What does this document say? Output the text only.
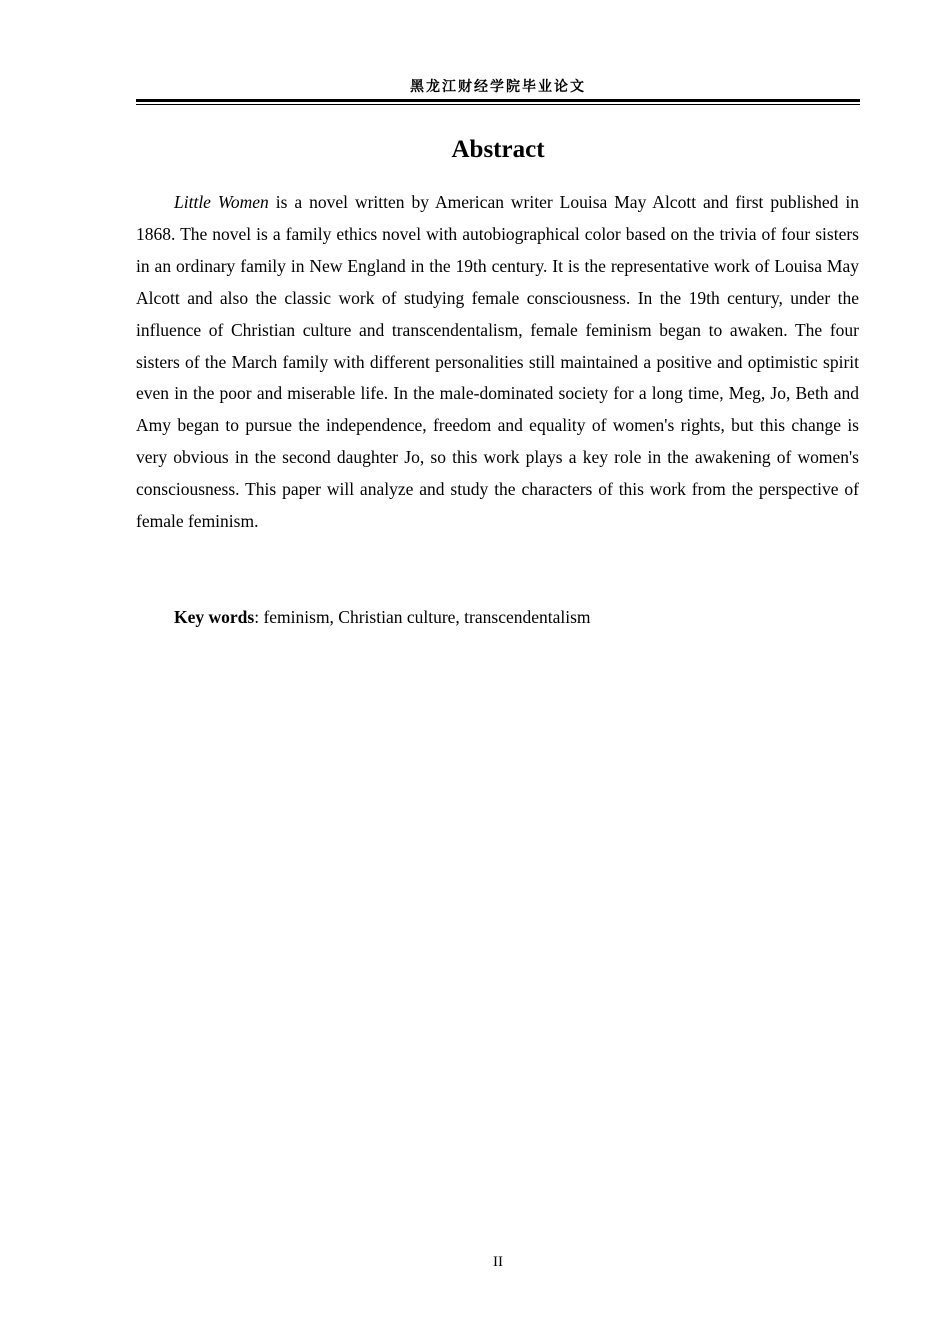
黑龙江财经学院毕业论文
Abstract

Little Women is a novel written by American writer Louisa May Alcott and first published in 1868. The novel is a family ethics novel with autobiographical color based on the trivia of four sisters in an ordinary family in New England in the 19th century. It is the representative work of Louisa May Alcott and also the classic work of studying female consciousness. In the 19th century, under the influence of Christian culture and transcendentalism, female feminism began to awaken. The four sisters of the March family with different personalities still maintained a positive and optimistic spirit even in the poor and miserable life. In the male-dominated society for a long time, Meg, Jo, Beth and Amy began to pursue the independence, freedom and equality of women's rights, but this change is very obvious in the second daughter Jo, so this work plays a key role in the awakening of women's consciousness. This paper will analyze and study the characters of this work from the perspective of female feminism.

Key words: feminism, Christian culture, transcendentalism

II
